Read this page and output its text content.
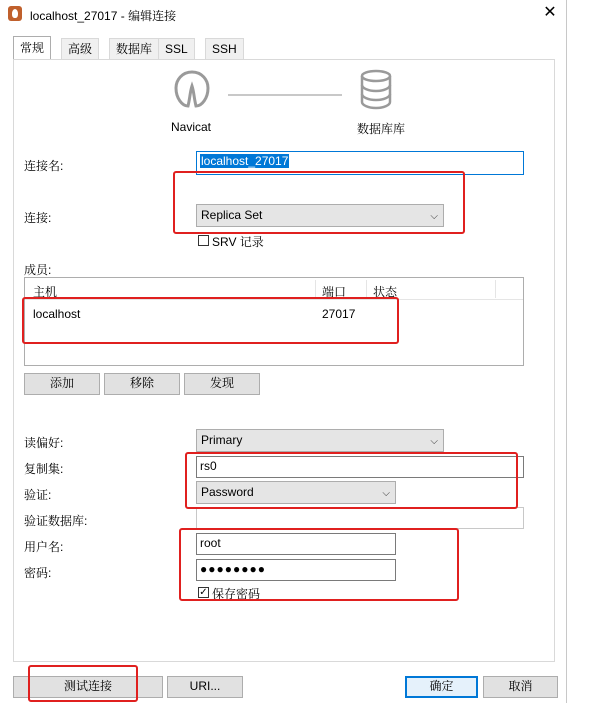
localhost_27017 - 编辑连接	✕
常规	高级	数据库	SSL	SSH
Navicat	数据库库
连接名:	localhost_27017
连接:	Replica Set	⌵
SRV 记录
成员:
主机	端口 状态
localhost	27017
添加	移除	发现
读偏好:	Primary	⌵
复制集:	rs0
验证:	Password	⌵
验证数据库:
用户名:	root
密码:	●●●●●●●●
✓ 保存密码
测试连接	URI...	确定	取消
